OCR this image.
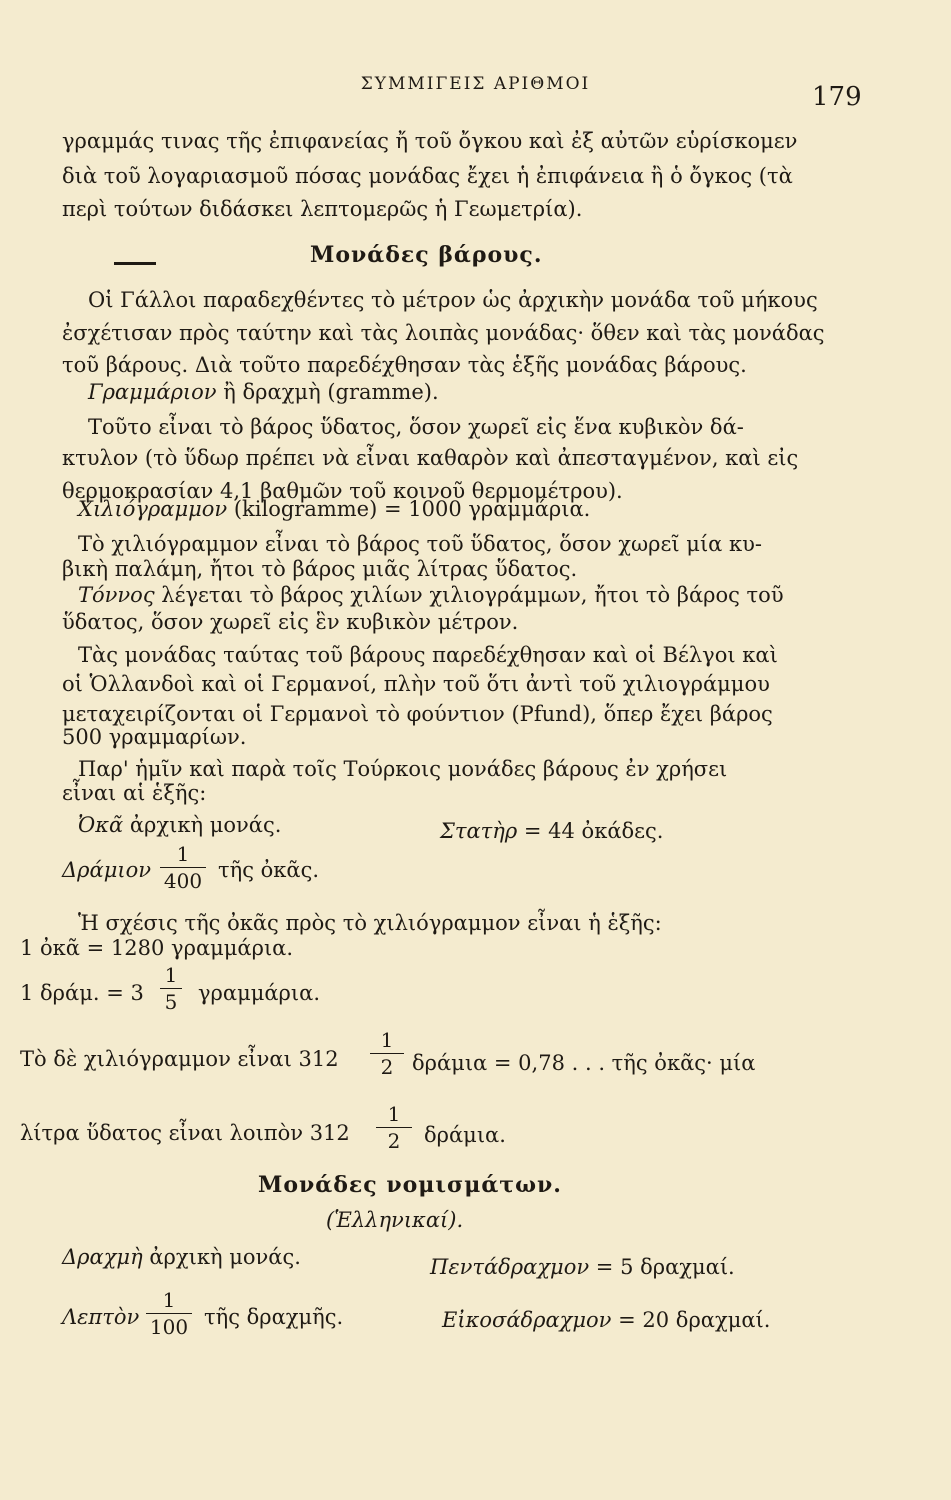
ΣΥΜΜΙΓΕΙΣ ΑΡΙΘΜΟΙ	179
γραμμάς τινας τῆς ἐπιφανείας ἤ τοῦ ὄγκου καὶ ἐξ αὐτῶν εὑρίσκομεν
διὰ τοῦ λογαριασμοῦ πόσας μονάδας ἔχει ἡ ἐπιφάνεια ἢ ὁ ὄγκος (τὰ
περὶ τούτων διδάσκει λεπτομερῶς ἡ Γεωμετρία).
Μονάδες βάρους.
Οἱ Γάλλοι παραδεχθέντες τὸ μέτρον ὡς ἀρχικὴν μονάδα τοῦ μήκους
ἐσχέτισαν πρὸς ταύτην καὶ τὰς λοιπὰς μονάδας· ὅθεν καὶ τὰς μονάδας
τοῦ βάρους. Διὰ τοῦτο παρεδέχθησαν τὰς ἑξῆς μονάδας βάρους.
Γραμμάριον ἢ δραχμὴ (gramme).
Τοῦτο εἶναι τὸ βάρος ὕδατος, ὅσον χωρεῖ εἰς ἕνα κυβικὸν δά-
κτυλον (τὸ ὕδωρ πρέπει νὰ εἶναι καθαρὸν καὶ ἀπεσταγμένον, καὶ εἰς
θερμοκρασίαν 4,1 βαθμῶν τοῦ κοινοῦ θερμομέτρου).
Χιλιόγραμμον (kilogramme) = 1000 γραμμάρια.
Τὸ χιλιόγραμμον εἶναι τὸ βάρος τοῦ ὕδατος, ὅσον χωρεῖ μία κυ-
βικὴ παλάμη, ἤτοι τὸ βάρος μιᾶς λίτρας ὕδατος.
Τόννος λέγεται τὸ βάρος χιλίων χιλιογράμμων, ἤτοι τὸ βάρος τοῦ
ὕδατος, ὅσον χωρεῖ εἰς ἓν κυβικὸν μέτρον.
Τὰς μονάδας ταύτας τοῦ βάρους παρεδέχθησαν καὶ οἱ Βέλγοι καὶ
οἱ Ὁλλανδοὶ καὶ οἱ Γερμανοί, πλὴν τοῦ ὅτι ἀντὶ τοῦ χιλιογράμμου
μεταχειρίζονται οἱ Γερμανοὶ τὸ φούντιον (Pfund), ὅπερ ἔχει βάρος
500 γραμμαρίων.
Παρ' ἡμῖν καὶ παρὰ τοῖς Τούρκοις μονάδες βάρους ἐν χρήσει
εἶναι αἱ ἑξῆς:
Ὀκᾶ ἀρχικὴ μονάς.	Στατὴρ = 44 ὀκάδες.
Δράμιον
1
400 τῆς ὀκᾶς.
Ἡ σχέσις τῆς ὀκᾶς πρὸς τὸ χιλιόγραμμον εἶναι ἡ ἑξῆς:
1 ὀκᾶ = 1280 γραμμάρια.
1 δράμ. = 3
1
5 γραμμάρια.
Τὸ δὲ χιλιόγραμμον εἶναι 312
1
2 δράμια = 0,78 . . . τῆς ὀκᾶς· μία
λίτρα ὕδατος εἶναι λοιπὸν 312
1
2	δράμια.
Μονάδες νομισμάτων.
(Ἑλληνικαί).
Δραχμὴ ἀρχικὴ μονάς.	Πεντάδραχμον = 5 δραχμαί.
Λεπτὸν
1
100 τῆς δραχμῆς.	Εἰκοσάδραχμον = 20 δραχμαί.
